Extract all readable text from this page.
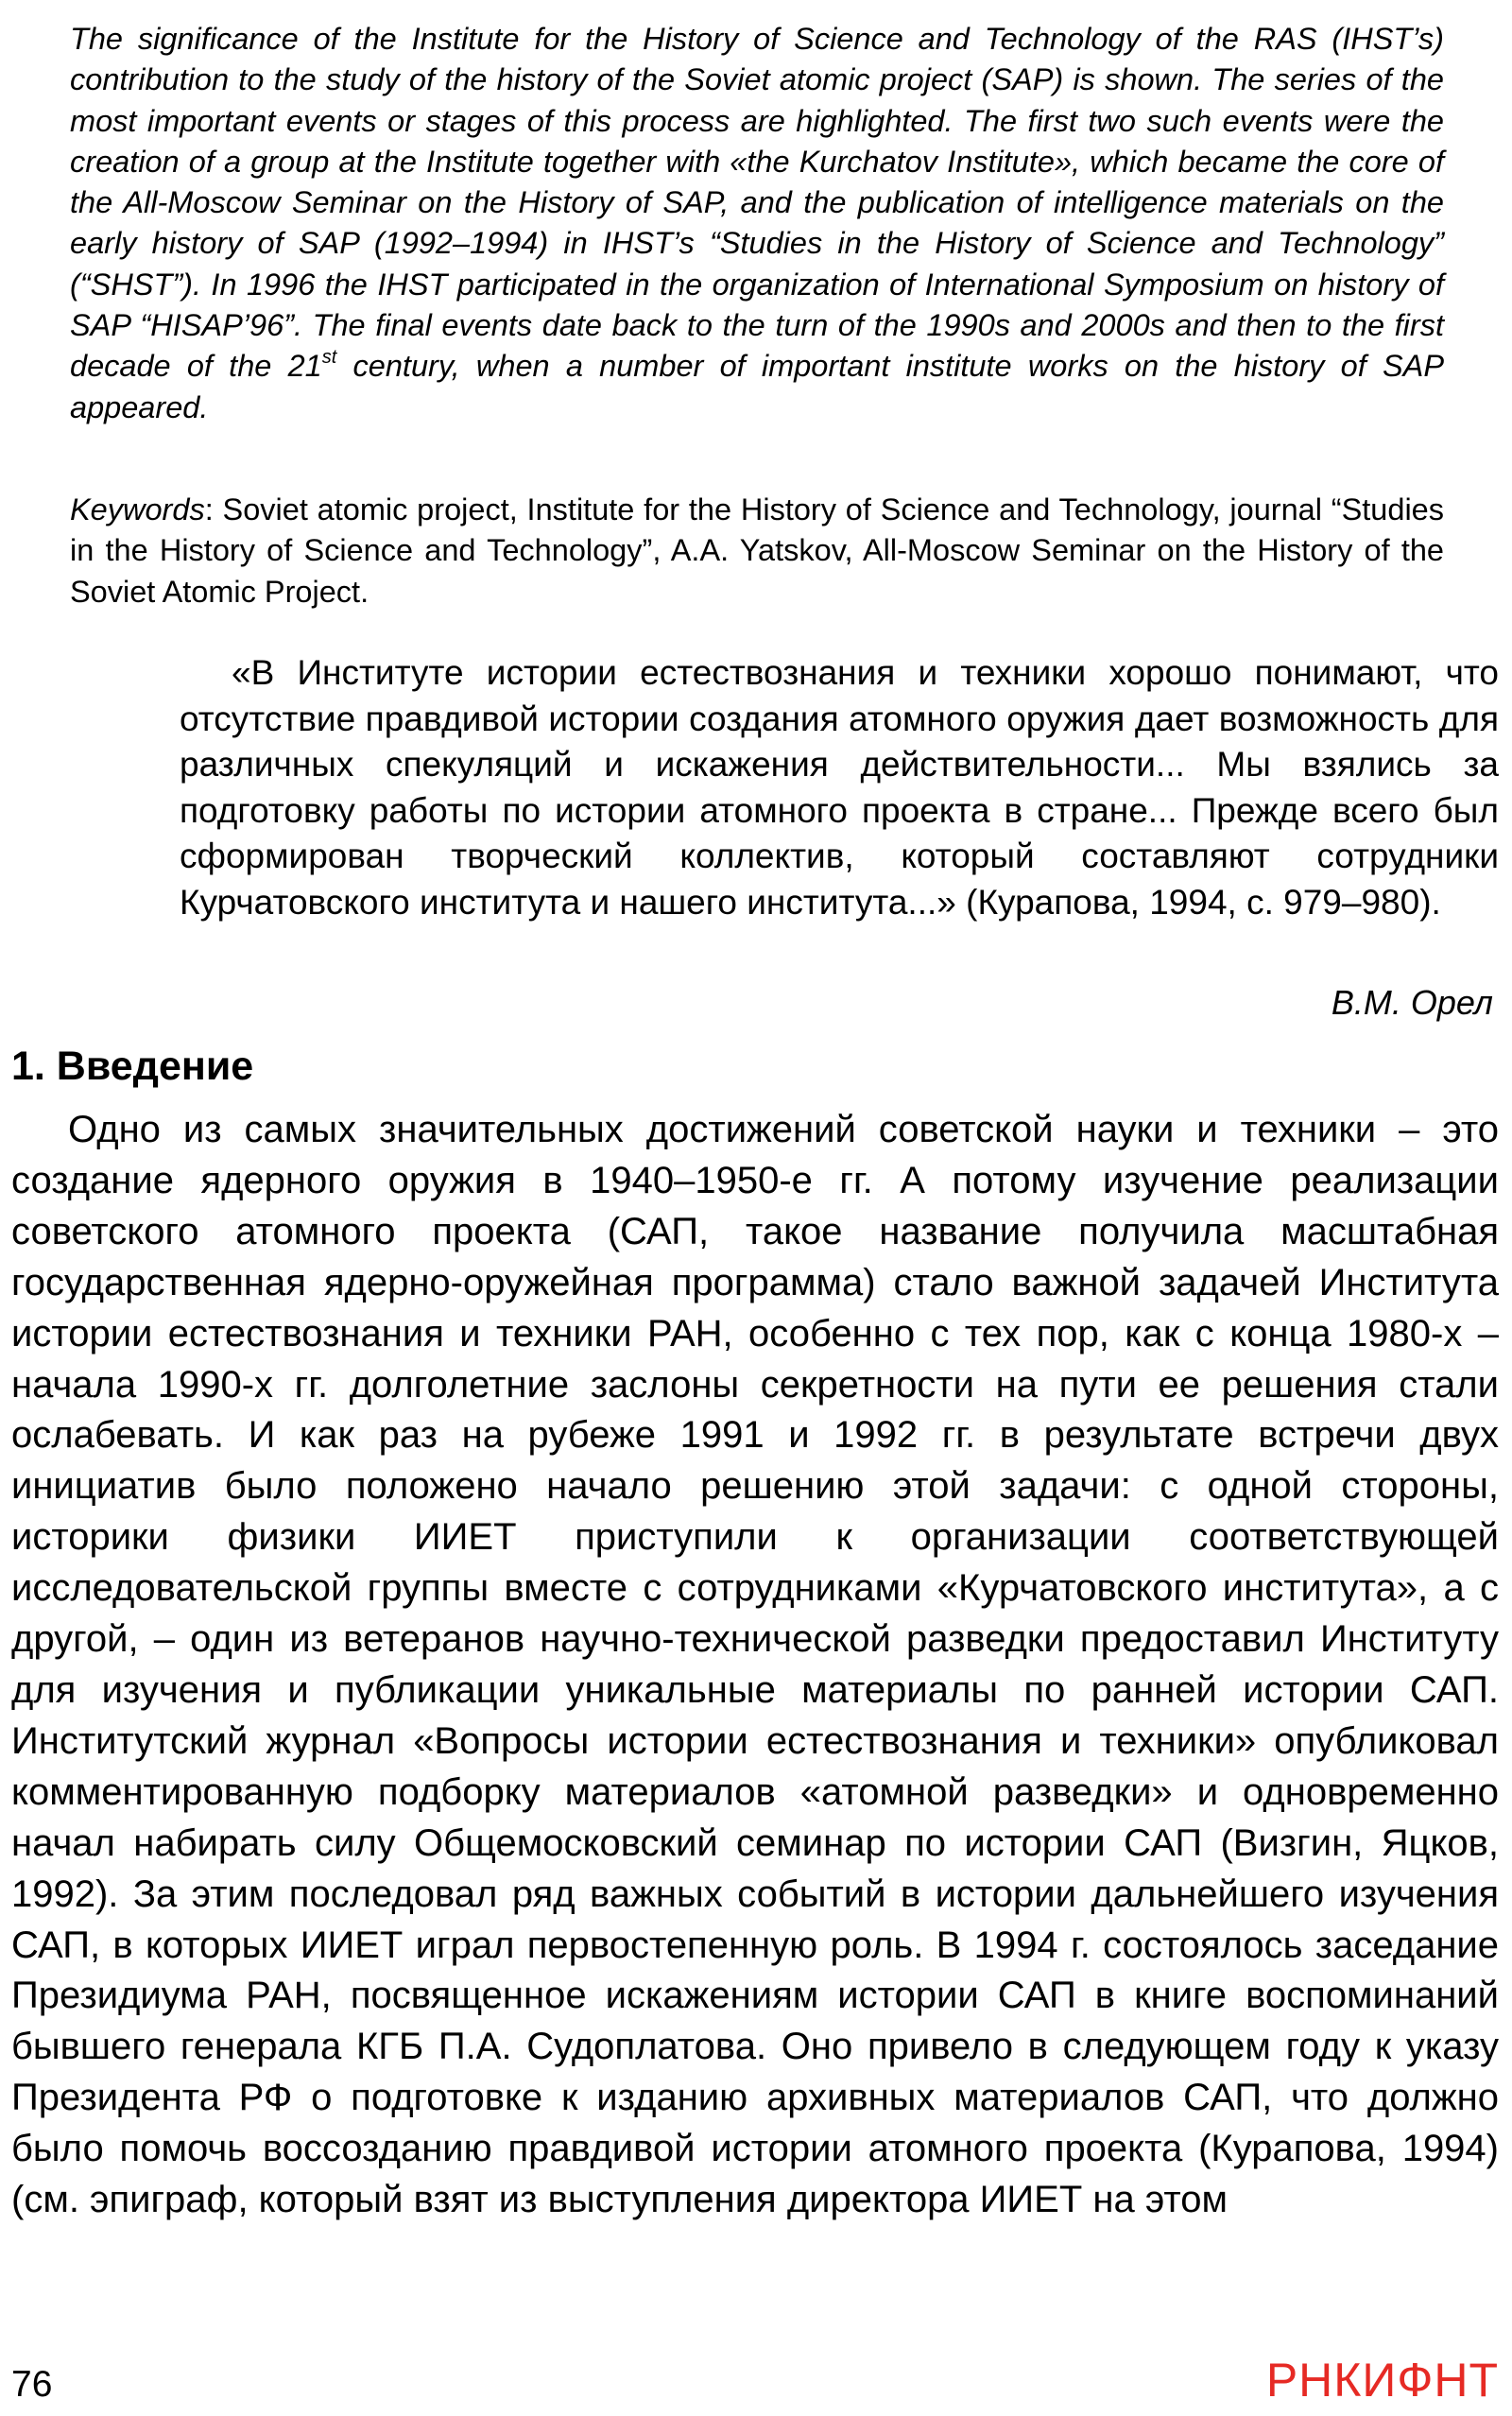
The significance of the Institute for the History of Science and Technology of the RAS (IHST’s) contribution to the study of the history of the Soviet atomic project (SAP) is shown. The series of the most important events or stages of this process are highlighted. The first two such events were the creation of a group at the Institute together with «the Kurchatov Institute», which became the core of the All-Moscow Seminar on the History of SAP, and the publication of intelligence materials on the early history of SAP (1992–1994) in IHST’s “Studies in the History of Science and Technology” (“SHST”). In 1996 the IHST participated in the organization of International Symposium on history of SAP “HISAP’96”. The final events date back to the turn of the 1990s and 2000s and then to the first decade of the 21st century, when a number of important institute works on the history of SAP appeared.
Keywords: Soviet atomic project, Institute for the History of Science and Technology, journal “Studies in the History of Science and Technology”, A.A. Yatskov, All-Moscow Seminar on the History of the Soviet Atomic Project.
«В Институте истории естествознания и техники хорошо понимают, что отсутствие правдивой истории создания атомного оружия дает возможность для различных спекуляций и искажения действительности... Мы взялись за подготовку работы по истории атомного проекта в стране... Прежде всего был сформирован творческий коллектив, который составляют сотрудники Курчатовского института и нашего института...» (Курапова, 1994, с. 979–980).
В.М. Орел
1. Введение

Одно из самых значительных достижений советской науки и техники – это создание ядерного оружия в 1940–1950-е гг. А потому изучение реализации советского атомного проекта (САП, такое название получила масштабная государственная ядерно-оружейная программа) стало важной задачей Института истории естествознания и техники РАН, особенно с тех пор, как с конца 1980-х – начала 1990-х гг. долголетние заслоны секретности на пути ее решения стали ослабевать. И как раз на рубеже 1991 и 1992 гг. в результате встречи двух инициатив было положено начало решению этой задачи: с одной стороны, историки физики ИИЕТ приступили к организации соответствующей исследовательской группы вместе с сотрудниками «Курчатовского института», а с другой, – один из ветеранов научно-технической разведки предоставил Институту для изучения и публикации уникальные материалы по ранней истории САП. Институтский журнал «Вопросы истории естествознания и техники» опубликовал комментированную подборку материалов «атомной разведки» и одновременно начал набирать силу Общемосковский семинар по истории САП (Визгин, Яцков, 1992). За этим последовал ряд важных событий в истории дальнейшего изучения САП, в которых ИИЕТ играл первостепенную роль. В 1994 г. состоялось заседание Президиума РАН, посвященное искажениям истории САП в книге воспоминаний бывшего генерала КГБ П.А. Судоплатова. Оно привело в следующем году к указу Президента РФ о подготовке к изданию архивных материалов САП, что должно было помочь воссозданию правдивой истории атомного проекта (Курапова, 1994) (см. эпиграф, который взят из выступления директора ИИЕТ на этом

76	РНКИФНТ
